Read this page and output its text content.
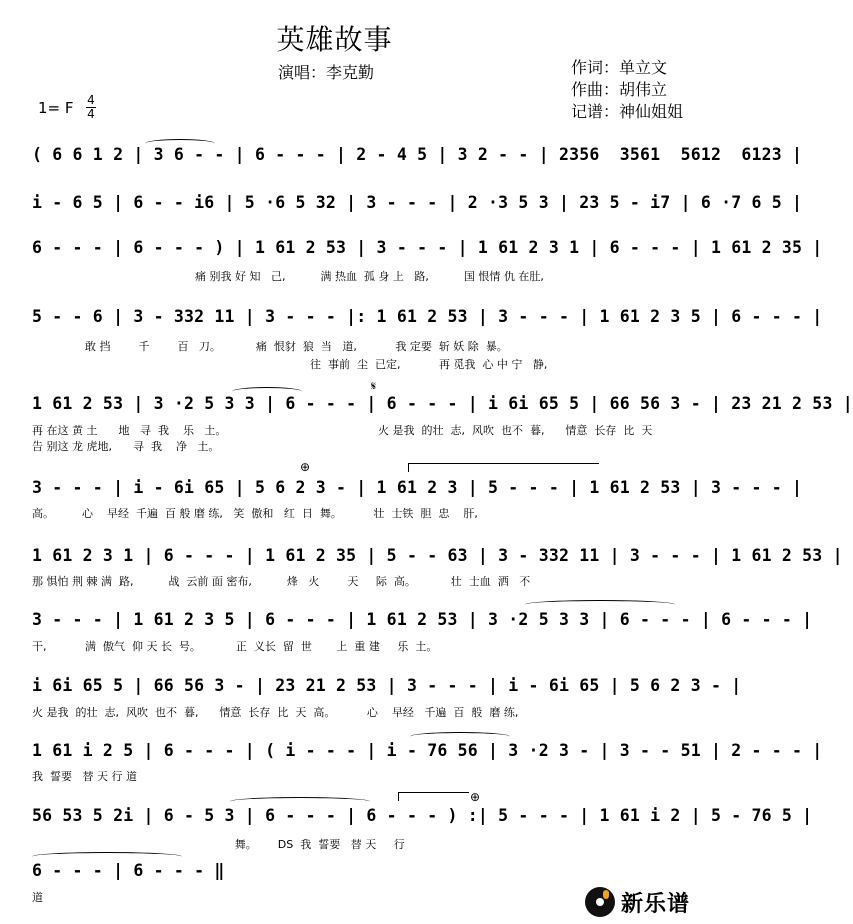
英雄故事
演唱：李克勤	作词：单立文
作曲：胡伟立
记谱：神仙姐姐
1= F 4
4
( 6 6 1 2 | 3 6 - - | 6 - - - | 2 - 4 5 | 3 2 - - | 2356  3561  5612  6123 |
i - 6 5 | 6 - - i6 | 5 ·6 5 32 | 3 - - - | 2 ·3 5 3 | 23 5 - i7 | 6 ·7 6 5 |
6 - - - | 6 - - - ) | 1 61 2 53 | 3 - - - | 1 61 2 3 1 | 6 - - - | 1 61 2 35 |
痛 别我 好 知   己,          满 热血  孤 身 上   路,          国 恨情 仇 在肚,
5 - - 6 | 3 - 332 11 | 3 - - - |: 1 61 2 53 | 3 - - - | 1 61 2 3 5 | 6 - - - |
敢 挡        千        百   刀。          痛  恨豺  狼  当   道,           我 定要  斩 妖 除  暴。
往  事前  尘  已定,           再 觅我  心 中 宁   静,
1 61 2 53 | 3 ·2 5 3 3 | 6 - - - | 6 - - - | i 6i 65 5 | 66 56 3 - | 23 21 2 53 |
再 在这 黄 土      地   寻  我    乐   土。
告 别这 龙 虎地,      寻  我    净   土。
火 是我  的壮  志,  风吹  也不  暮,      情意  长存  比  天
3 - - - | i - 6i 65 | 5 6 2 3 - | 1 61 2 3 | 5 - - - | 1 61 2 53 | 3 - - - |
高。        心    早经  千遍  百 般 磨 练,   笑  傲和   红  日  舞。         壮  士铁  胆  忠    肝,
1 61 2 3 1 | 6 - - - | 1 61 2 35 | 5 - - 63 | 3 - 332 11 | 3 - - - | 1 61 2 53 |
那 惧怕 荆 棘 满  路,          战  云前 面 密布,          烽   火        天     际  高。          壮  士血  洒   不
3 - - - | 1 61 2 3 5 | 6 - - - | 1 61 2 53 | 3 ·2 5 3 3 | 6 - - - | 6 - - - |
干,           满  傲气  仰 天 长  号。          正  义长  留  世       上  重 建     乐  土。
i 6i 65 5 | 66 56 3 - | 23 21 2 53 | 3 - - - | i - 6i 65 | 5 6 2 3 - |
火 是我  的壮  志,  风吹  也不  暮,      情意  长存  比  天  高。         心    早经   千遍  百  般  磨 练,
1 61 i 2 5 | 6 - - - | ( i - - - | i - 76 56 | 3 ·2 3 - | 3 - - 51 | 2 - - - |
我  誓要   替 天 行 道
56 53 5 2i | 6 - 5 3 | 6 - - - | 6 - - - ) :| 5 - - - | 1 61 i 2 | 5 - 76 5 |
舞。      DS  我  誓要   替 天     行
6 - - - | 6 - - - ‖
道
𝄋
⊕
⊕
新乐谱
